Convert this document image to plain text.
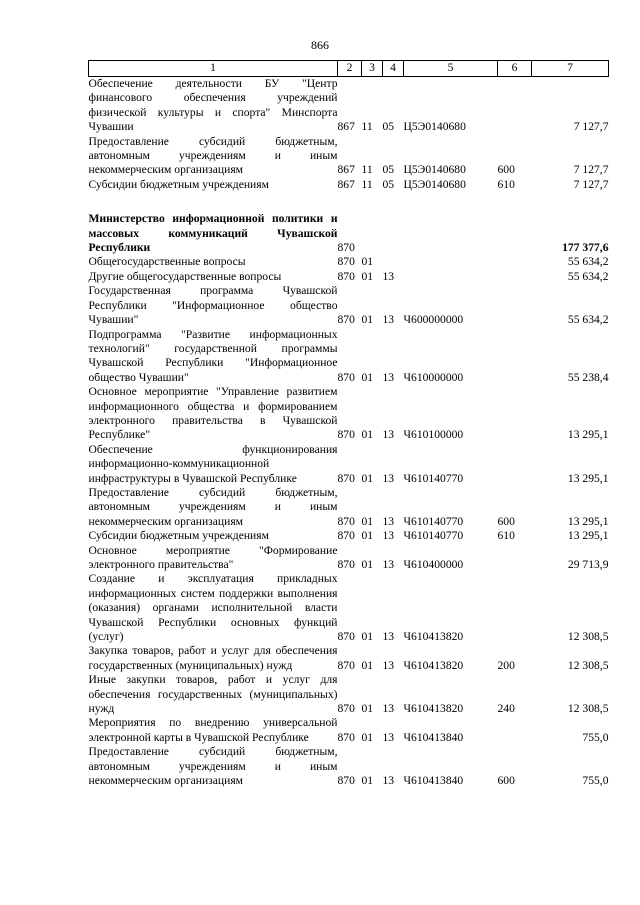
866
1	2	3	4	5	6	7
Обеспечение деятельности БУ "Центр финансового обеспечения учреждений физической культуры и спорта" Минспорта Чувашии	867	11	05	Ц5Э0140680		7 127,7
Предоставление субсидий бюджетным, автономным учреждениям и иным некоммерческим организациям	867	11	05	Ц5Э0140680	600	7 127,7
Субсидии бюджетным учреждениям	867	11	05	Ц5Э0140680	610	7 127,7

Министерство информационной политики и массовых коммуникаций Чувашской Республики	870					177 377,6
Общегосударственные вопросы	870	01				55 634,2
Другие общегосударственные вопросы	870	01	13			55 634,2
Государственная программа Чувашской Республики "Информационное общество Чувашии"	870	01	13	Ч600000000		55 634,2
Подпрограмма "Развитие информационных технологий" государственной программы Чувашской Республики "Информационное общество Чувашии"	870	01	13	Ч610000000		55 238,4
Основное мероприятие "Управление развитием информационного общества и формированием электронного правительства в Чувашской Республике"	870	01	13	Ч610100000		13 295,1
Обеспечение функционирования информационно-коммуникационной инфраструктуры в Чувашской Республике	870	01	13	Ч610140770		13 295,1
Предоставление субсидий бюджетным, автономным учреждениям и иным некоммерческим организациям	870	01	13	Ч610140770	600	13 295,1
Субсидии бюджетным учреждениям	870	01	13	Ч610140770	610	13 295,1
Основное мероприятие "Формирование электронного правительства"	870	01	13	Ч610400000		29 713,9
Создание и эксплуатация прикладных информационных систем поддержки выполнения (оказания) органами исполнительной власти Чувашской Республики основных функций (услуг)	870	01	13	Ч610413820		12 308,5
Закупка товаров, работ и услуг для обеспечения государственных (муниципальных) нужд	870	01	13	Ч610413820	200	12 308,5
Иные закупки товаров, работ и услуг для обеспечения государственных (муниципальных) нужд	870	01	13	Ч610413820	240	12 308,5
Мероприятия по внедрению универсальной электронной карты в Чувашской Республике	870	01	13	Ч610413840		755,0
Предоставление субсидий бюджетным, автономным учреждениям и иным некоммерческим организациям	870	01	13	Ч610413840	600	755,0
